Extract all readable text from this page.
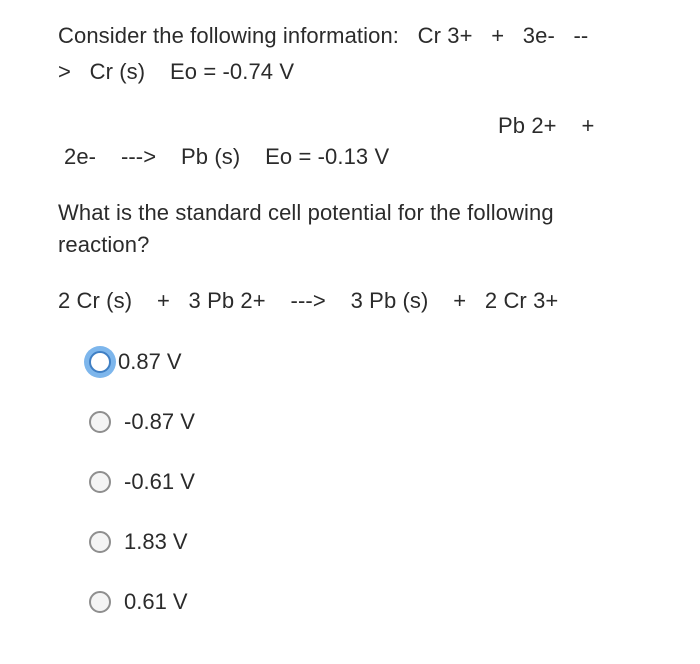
Consider the following information:   Cr 3+   +   3e-   --
>   Cr (s)    Eo = -0.74 V
Pb 2+    +
2e-    --->    Pb (s)    Eo = -0.13 V
What is the standard cell potential for the following
reaction?
2 Cr (s)    +   3 Pb 2+    --->    3 Pb (s)    +   2 Cr 3+
0.87 V
-0.87 V
-0.61 V
1.83 V
0.61 V
